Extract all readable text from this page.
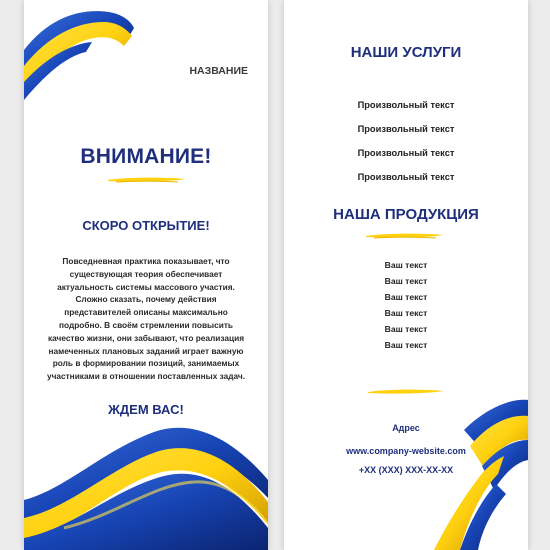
НАЗВАНИЕ
ВНИМАНИЕ!
СКОРО ОТКРЫТИЕ!
Повседневная практика показывает, что
существующая теория обеспечивает
актуальность системы массового участия.
Сложно сказать, почему действия
представителей описаны максимально
подробно. В своём стремлении повысить
качество жизни, они забывают, что реализация
намеченных плановых заданий играет важную
роль в формировании позиций, занимаемых
участниками в отношении поставленных задач.
ЖДЕМ ВАС!
НАШИ УСЛУГИ
Произвольный текст
Произвольный текст
Произвольный текст
Произвольный текст
НАША ПРОДУКЦИЯ
Ваш текст
Ваш текст
Ваш текст
Ваш текст
Ваш текст
Ваш текст
Адрес
www.company-website.com
+XX (XXX) XXX-XX-XX
